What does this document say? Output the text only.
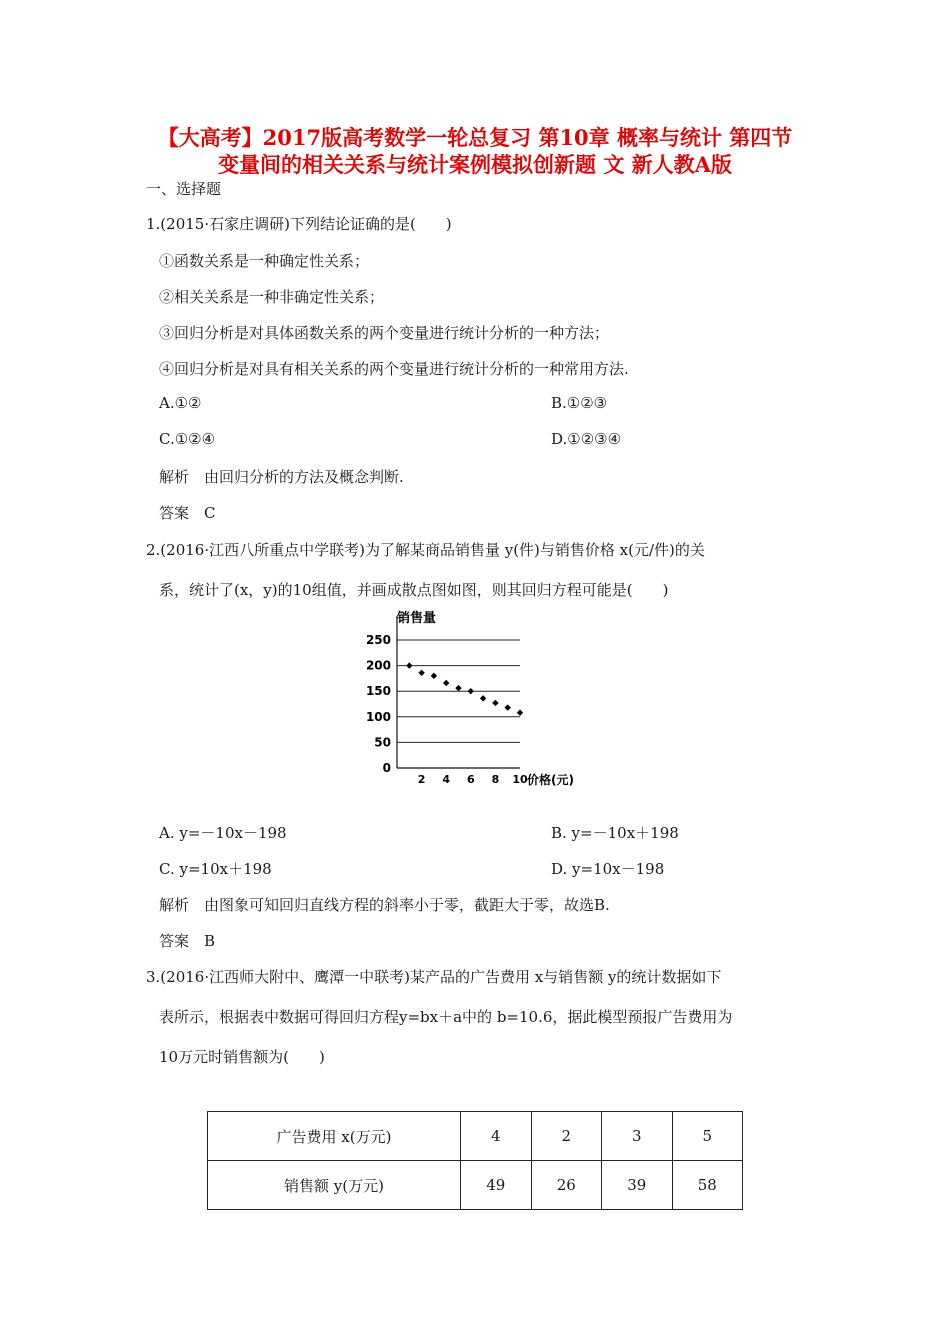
【大高考】2017版高考数学一轮总复习 第10章 概率与统计 第四节 变量间的相关关系与统计案例模拟创新题 文 新人教A版
一、选择题
1.(2015·石家庄调研)下列结论证确的是(　　)
①函数关系是一种确定性关系；
②相关关系是一种非确定性关系；
③回归分析是对具体函数关系的两个变量进行统计分析的一种方法；
④回归分析是对具有相关关系的两个变量进行统计分析的一种常用方法.
A.①②	B.①②③
C.①②④	D.①②③④
解析　由回归分析的方法及概念判断.
答案　C
2.(2016·江西八所重点中学联考)为了解某商品销售量 y(件)与销售价格 x(元/件)的关
系，统计了(x，y)的10组值，并画成散点图如图，则其回归方程可能是(　　)
销售量
0
50
100
150
200
250
2 4 6 8 10 价格(元)
A. y=－10x－198	B. y=－10x＋198
C. y=10x＋198	D. y=10x－198
解析　由图象可知回归直线方程的斜率小于零，截距大于零，故选B.
答案　B
3.(2016·江西师大附中、鹰潭一中联考)某产品的广告费用 x与销售额 y的统计数据如下
表所示，根据表中数据可得回归方程y=bx＋a中的 b=10.6，据此模型预报广告费用为
10万元时销售额为(　　)
广告费用 x(万元)	4	2	3	5
销售额 y(万元)	49	26	39	58
